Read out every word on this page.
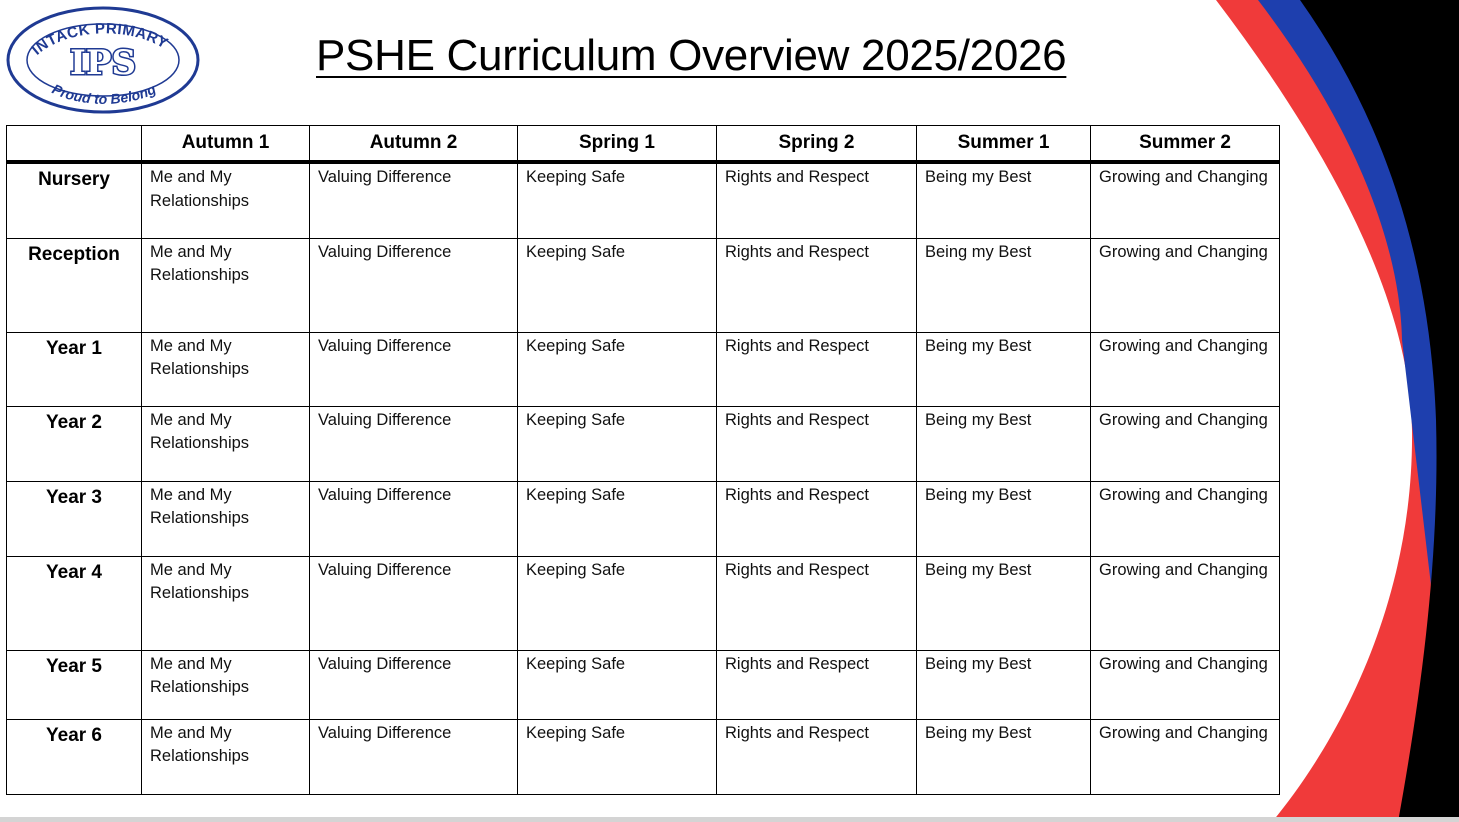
INTACK PRIMARY
IPS
Proud to Belong
PSHE Curriculum Overview 2025/2026
	Autumn 1	Autumn 2	Spring 1	Spring 2	Summer 1	Summer 2
Nursery	Me and My Relationships	Valuing Difference	Keeping Safe	Rights and Respect	Being my Best	Growing and Changing
Reception	Me and My Relationships	Valuing Difference	Keeping Safe	Rights and Respect	Being my Best	Growing and Changing
Year 1	Me and My Relationships	Valuing Difference	Keeping Safe	Rights and Respect	Being my Best	Growing and Changing
Year 2	Me and My Relationships	Valuing Difference	Keeping Safe	Rights and Respect	Being my Best	Growing and Changing
Year 3	Me and My Relationships	Valuing Difference	Keeping Safe	Rights and Respect	Being my Best	Growing and Changing
Year 4	Me and My Relationships	Valuing Difference	Keeping Safe	Rights and Respect	Being my Best	Growing and Changing
Year 5	Me and My Relationships	Valuing Difference	Keeping Safe	Rights and Respect	Being my Best	Growing and Changing
Year 6	Me and My Relationships	Valuing Difference	Keeping Safe	Rights and Respect	Being my Best	Growing and Changing
